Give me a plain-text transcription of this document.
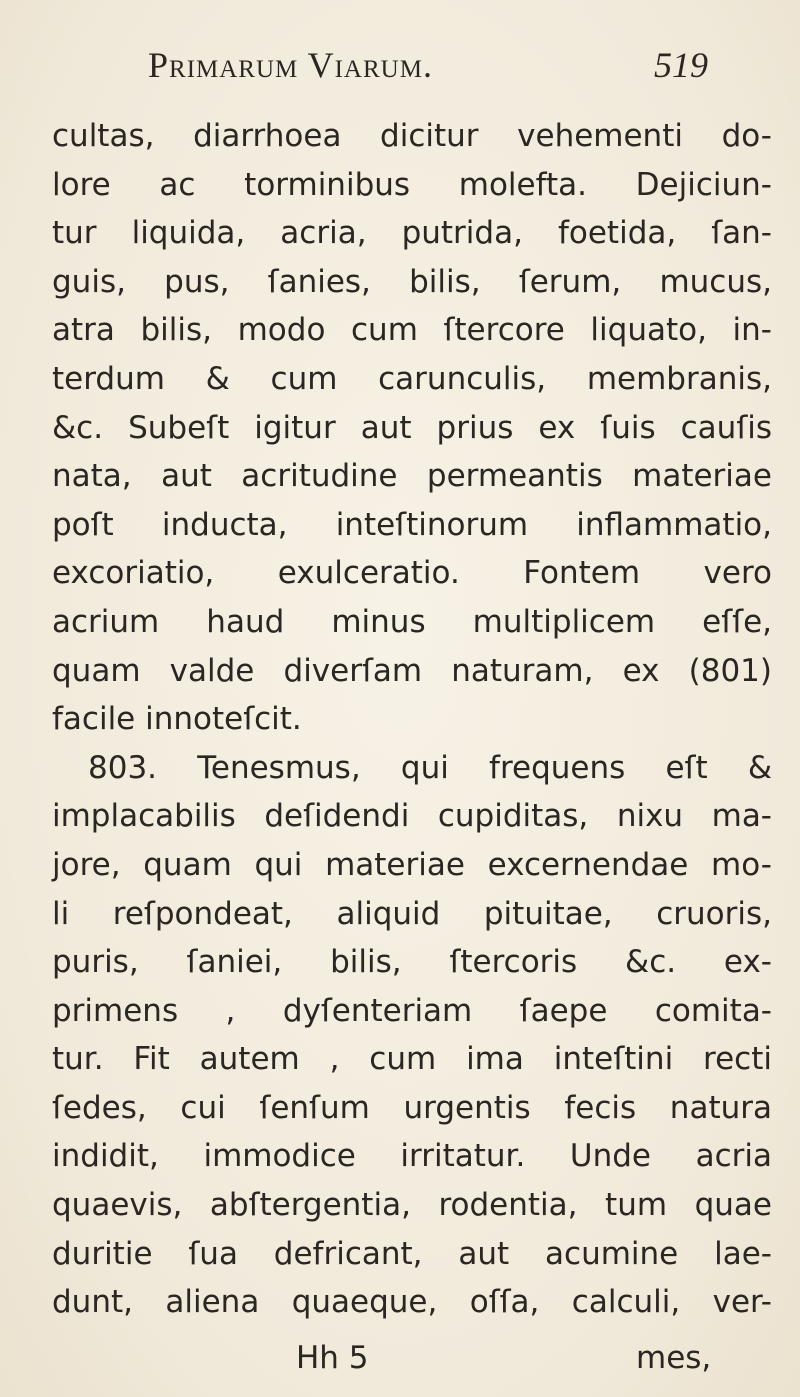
Primarum Viarum.	519
cultas, diarrhoea dicitur vehementi do-
lore ac torminibus molefta. Dejiciun-
tur liquida, acria, putrida, foetida, ſan-
guis, pus, ſanies, bilis, ſerum, mucus,
atra bilis, modo cum ſtercore liquato, in-
terdum & cum carunculis, membranis,
&c. Subeſt igitur aut prius ex ſuis cauſis
nata, aut acritudine permeantis materiae
poſt inducta, inteſtinorum inflammatio,
excoriatio, exulceratio. Fontem vero
acrium haud minus multiplicem eſſe,
quam valde diverſam naturam, ex (801)
facile innoteſcit.
803. Tenesmus, qui frequens eſt &
implacabilis deſidendi cupiditas, nixu ma-
jore, quam qui materiae excernendae mo-
li reſpondeat, aliquid pituitae, cruoris,
puris, ſaniei, bilis, ſtercoris &c. ex-
primens , dyſenteriam ſaepe comita-
tur. Fit autem , cum ima inteſtini recti
ſedes, cui ſenſum urgentis fecis natura
indidit, immodice irritatur. Unde acria
quaevis, abſtergentia, rodentia, tum quae
duritie ſua defricant, aut acumine lae-
dunt, aliena quaeque, oſſa, calculi, ver-
Hh 5	mes,
